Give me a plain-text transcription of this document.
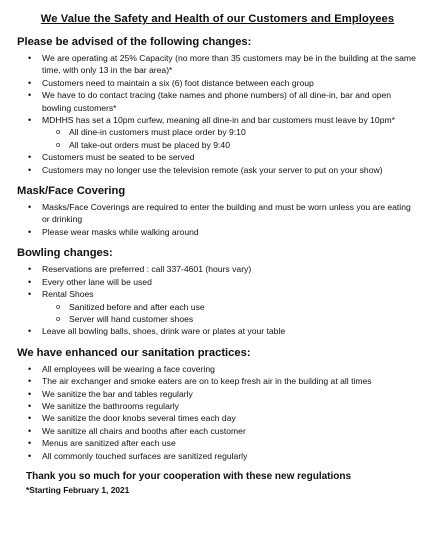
We Value the Safety and Health of our Customers and Employees
Please be advised of the following changes:
• We are operating at 25% Capacity (no more than 35 customers may be in the building at the same time, with only 13 in the bar area)*
• Customers need to maintain a six (6) foot distance between each group
• We have to do contact tracing (take names and phone numbers) of all dine-in, bar and open bowling customers*
• MDHHS has set a 10pm curfew, meaning all dine-in and bar customers must leave by 10pm*
o All dine-in customers must place order by 9:10
o All take-out orders must be placed by 9:40
• Customers must be seated to be served
• Customers may no longer use the television remote (ask your server to put on your show)
Mask/Face Covering
• Masks/Face Coverings are required to enter the building and must be worn unless you are eating or drinking
• Please wear masks while walking around
Bowling changes:
• Reservations are preferred : call 337-4601 (hours vary)
• Every other lane will be used
• Rental Shoes
o Sanitized before and after each use
o Server will hand customer shoes
• Leave all bowling balls, shoes, drink ware or plates at your table
We have enhanced our sanitation practices:
• All employees will be wearing a face covering
• The air exchanger and smoke eaters are on to keep fresh air in the building at all times
• We sanitize the bar and tables regularly
• We sanitize the bathrooms regularly
• We sanitize the door knobs several times each day
• We sanitize all chairs and booths after each customer
• Menus are sanitized after each use
• All commonly touched surfaces are sanitized regularly
Thank you so much for your cooperation with these new regulations
*Starting February 1, 2021
